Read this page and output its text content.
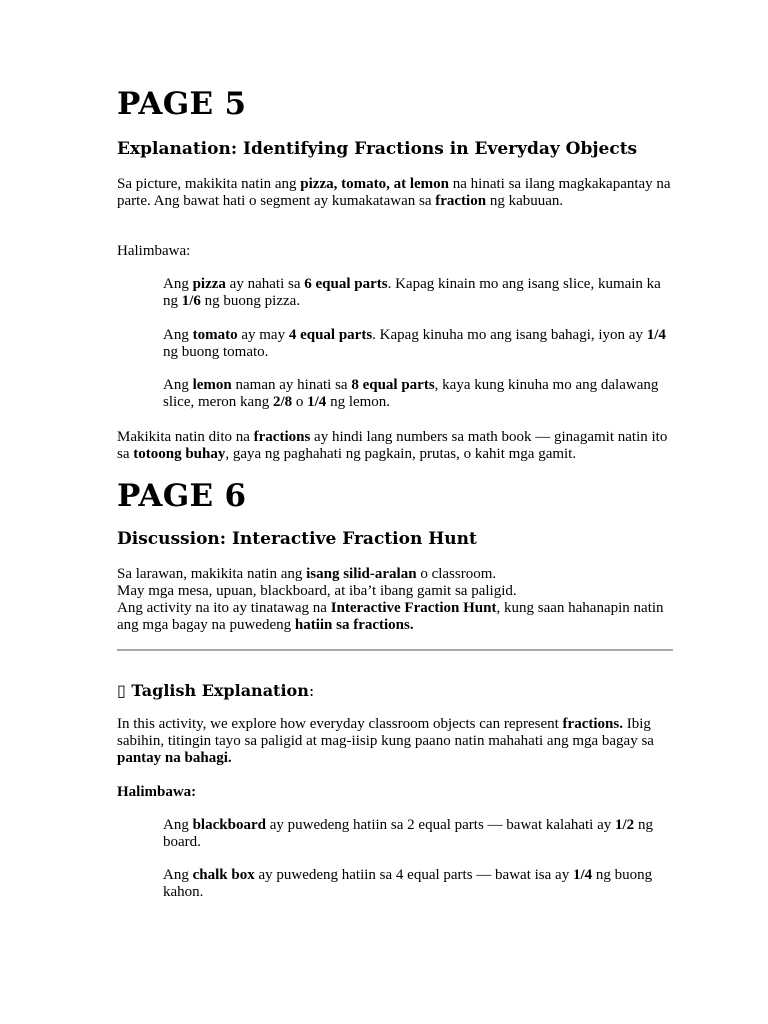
PAGE 5
Explanation: Identifying Fractions in Everyday Objects

Sa picture, makikita natin ang pizza, tomato, at lemon na hinati sa ilang magkakapantay na parte. Ang bawat hati o segment ay kumakatawan sa fraction ng kabuuan.

Halimbawa:

Ang pizza ay nahati sa 6 equal parts. Kapag kinain mo ang isang slice, kumain ka ng 1/6 ng buong pizza.

Ang tomato ay may 4 equal parts. Kapag kinuha mo ang isang bahagi, iyon ay 1/4 ng buong tomato.

Ang lemon naman ay hinati sa 8 equal parts, kaya kung kinuha mo ang dalawang slice, meron kang 2/8 o 1/4 ng lemon.

Makikita natin dito na fractions ay hindi lang numbers sa math book — ginagamit natin ito sa totoong buhay, gaya ng paghahati ng pagkain, prutas, o kahit mga gamit.

PAGE 6
Discussion: Interactive Fraction Hunt

Sa larawan, makikita natin ang isang silid-aralan o classroom.
May mga mesa, upuan, blackboard, at iba’t ibang gamit sa paligid.
Ang activity na ito ay tinatawag na Interactive Fraction Hunt, kung saan hahanapin natin ang mga bagay na puwedeng hatiin sa fractions.

▯ Taglish Explanation:

In this activity, we explore how everyday classroom objects can represent fractions. Ibig sabihin, titingin tayo sa paligid at mag-iisip kung paano natin mahahati ang mga bagay sa pantay na bahagi.

Halimbawa:

Ang blackboard ay puwedeng hatiin sa 2 equal parts — bawat kalahati ay 1/2 ng board.

Ang chalk box ay puwedeng hatiin sa 4 equal parts — bawat isa ay 1/4 ng buong kahon.
